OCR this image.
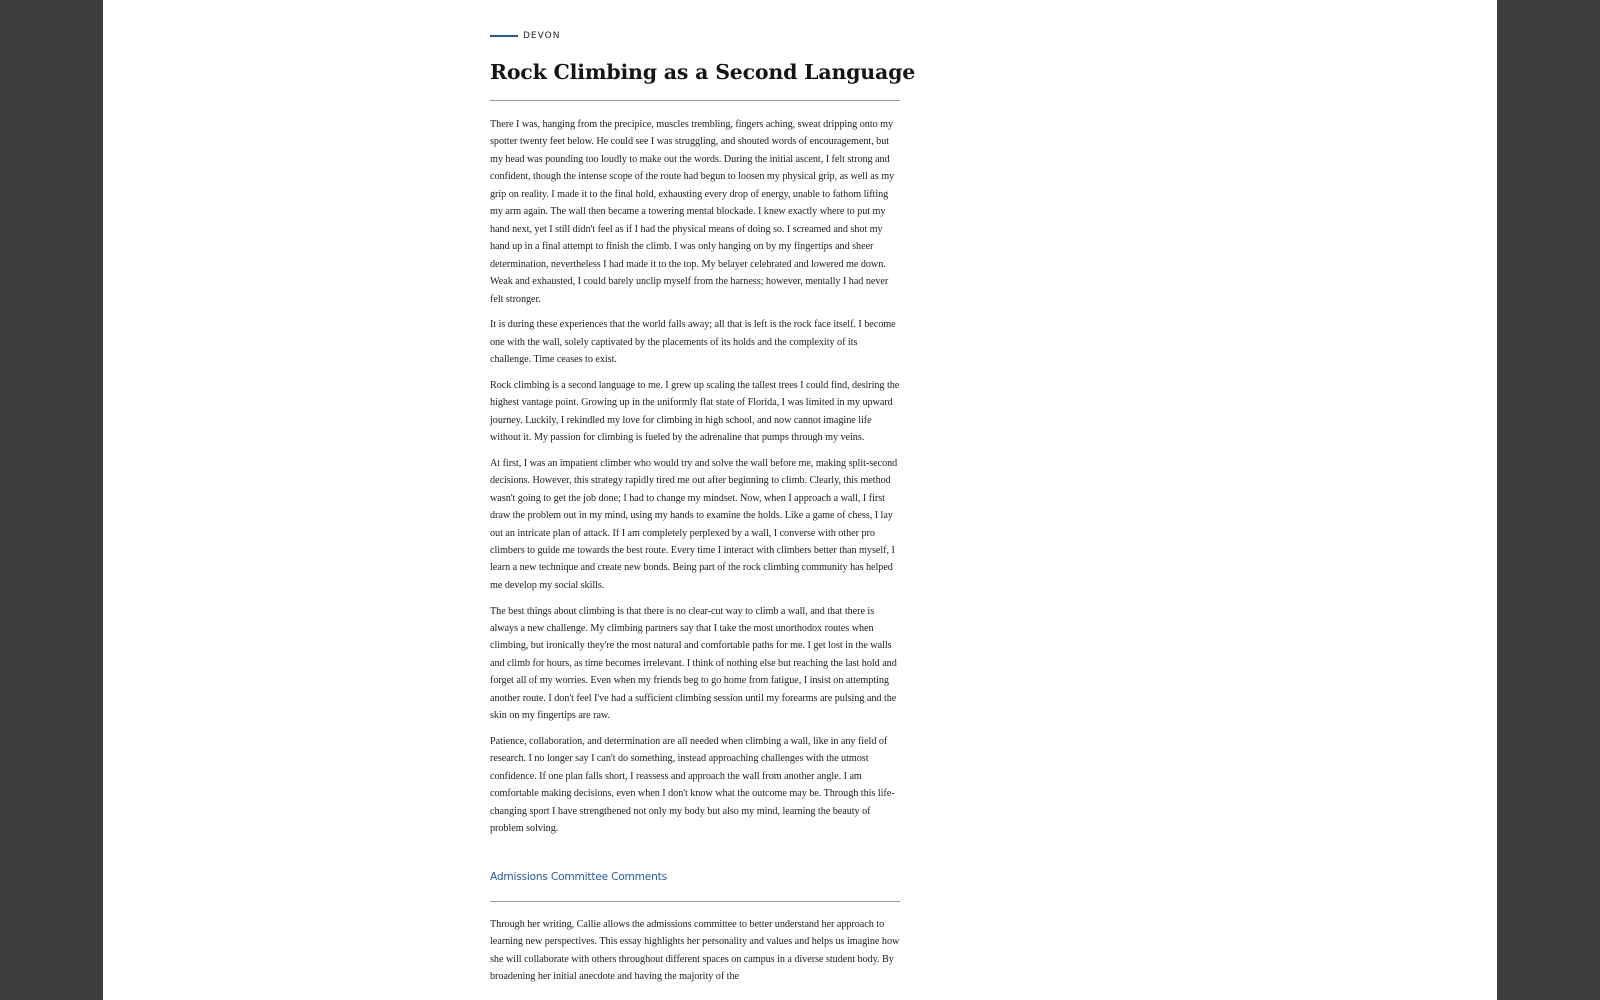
DEVON
Rock Climbing as a Second Language

There I was, hanging from the precipice, muscles trembling, fingers aching, sweat dripping onto my spotter twenty feet below. He could see I was struggling, and shouted words of encouragement, but my head was pounding too loudly to make out the words. During the initial ascent, I felt strong and confident, though the intense scope of the route had begun to loosen my physical grip, as well as my grip on reality. I made it to the final hold, exhausting every drop of energy, unable to fathom lifting my arm again. The wall then became a towering mental blockade. I knew exactly where to put my hand next, yet I still didn't feel as if I had the physical means of doing so. I screamed and shot my hand up in a final attempt to finish the climb. I was only hanging on by my fingertips and sheer determination, nevertheless I had made it to the top. My belayer celebrated and lowered me down. Weak and exhausted, I could barely unclip myself from the harness; however, mentally I had never felt stronger.

It is during these experiences that the world falls away; all that is left is the rock face itself. I become one with the wall, solely captivated by the placements of its holds and the complexity of its challenge. Time ceases to exist.

Rock climbing is a second language to me. I grew up scaling the tallest trees I could find, desiring the highest vantage point. Growing up in the uniformly flat state of Florida, I was limited in my upward journey. Luckily, I rekindled my love for climbing in high school, and now cannot imagine life without it. My passion for climbing is fueled by the adrenaline that pumps through my veins.

At first, I was an impatient climber who would try and solve the wall before me, making split-second decisions. However, this strategy rapidly tired me out after beginning to climb. Clearly, this method wasn't going to get the job done; I had to change my mindset. Now, when I approach a wall, I first draw the problem out in my mind, using my hands to examine the holds. Like a game of chess, I lay out an intricate plan of attack. If I am completely perplexed by a wall, I converse with other pro climbers to guide me towards the best route. Every time I interact with climbers better than myself, I learn a new technique and create new bonds. Being part of the rock climbing community has helped me develop my social skills.

The best things about climbing is that there is no clear-cut way to climb a wall, and that there is always a new challenge. My climbing partners say that I take the most unorthodox routes when climbing, but ironically they're the most natural and comfortable paths for me. I get lost in the walls and climb for hours, as time becomes irrelevant. I think of nothing else but reaching the last hold and forget all of my worries. Even when my friends beg to go home from fatigue, I insist on attempting another route. I don't feel I've had a sufficient climbing session until my forearms are pulsing and the skin on my fingertips are raw.

Patience, collaboration, and determination are all needed when climbing a wall, like in any field of research. I no longer say I can't do something, instead approaching challenges with the utmost confidence. If one plan falls short, I reassess and approach the wall from another angle. I am comfortable making decisions, even when I don't know what the outcome may be. Through this life-changing sport I have strengthened not only my body but also my mind, learning the beauty of problem solving.

Admissions Committee Comments

Through her writing, Callie allows the admissions committee to better understand her approach to learning new perspectives. This essay highlights her personality and values and helps us imagine how she will collaborate with others throughout different spaces on campus in a diverse student body. By broadening her initial anecdote and having the majority of the
